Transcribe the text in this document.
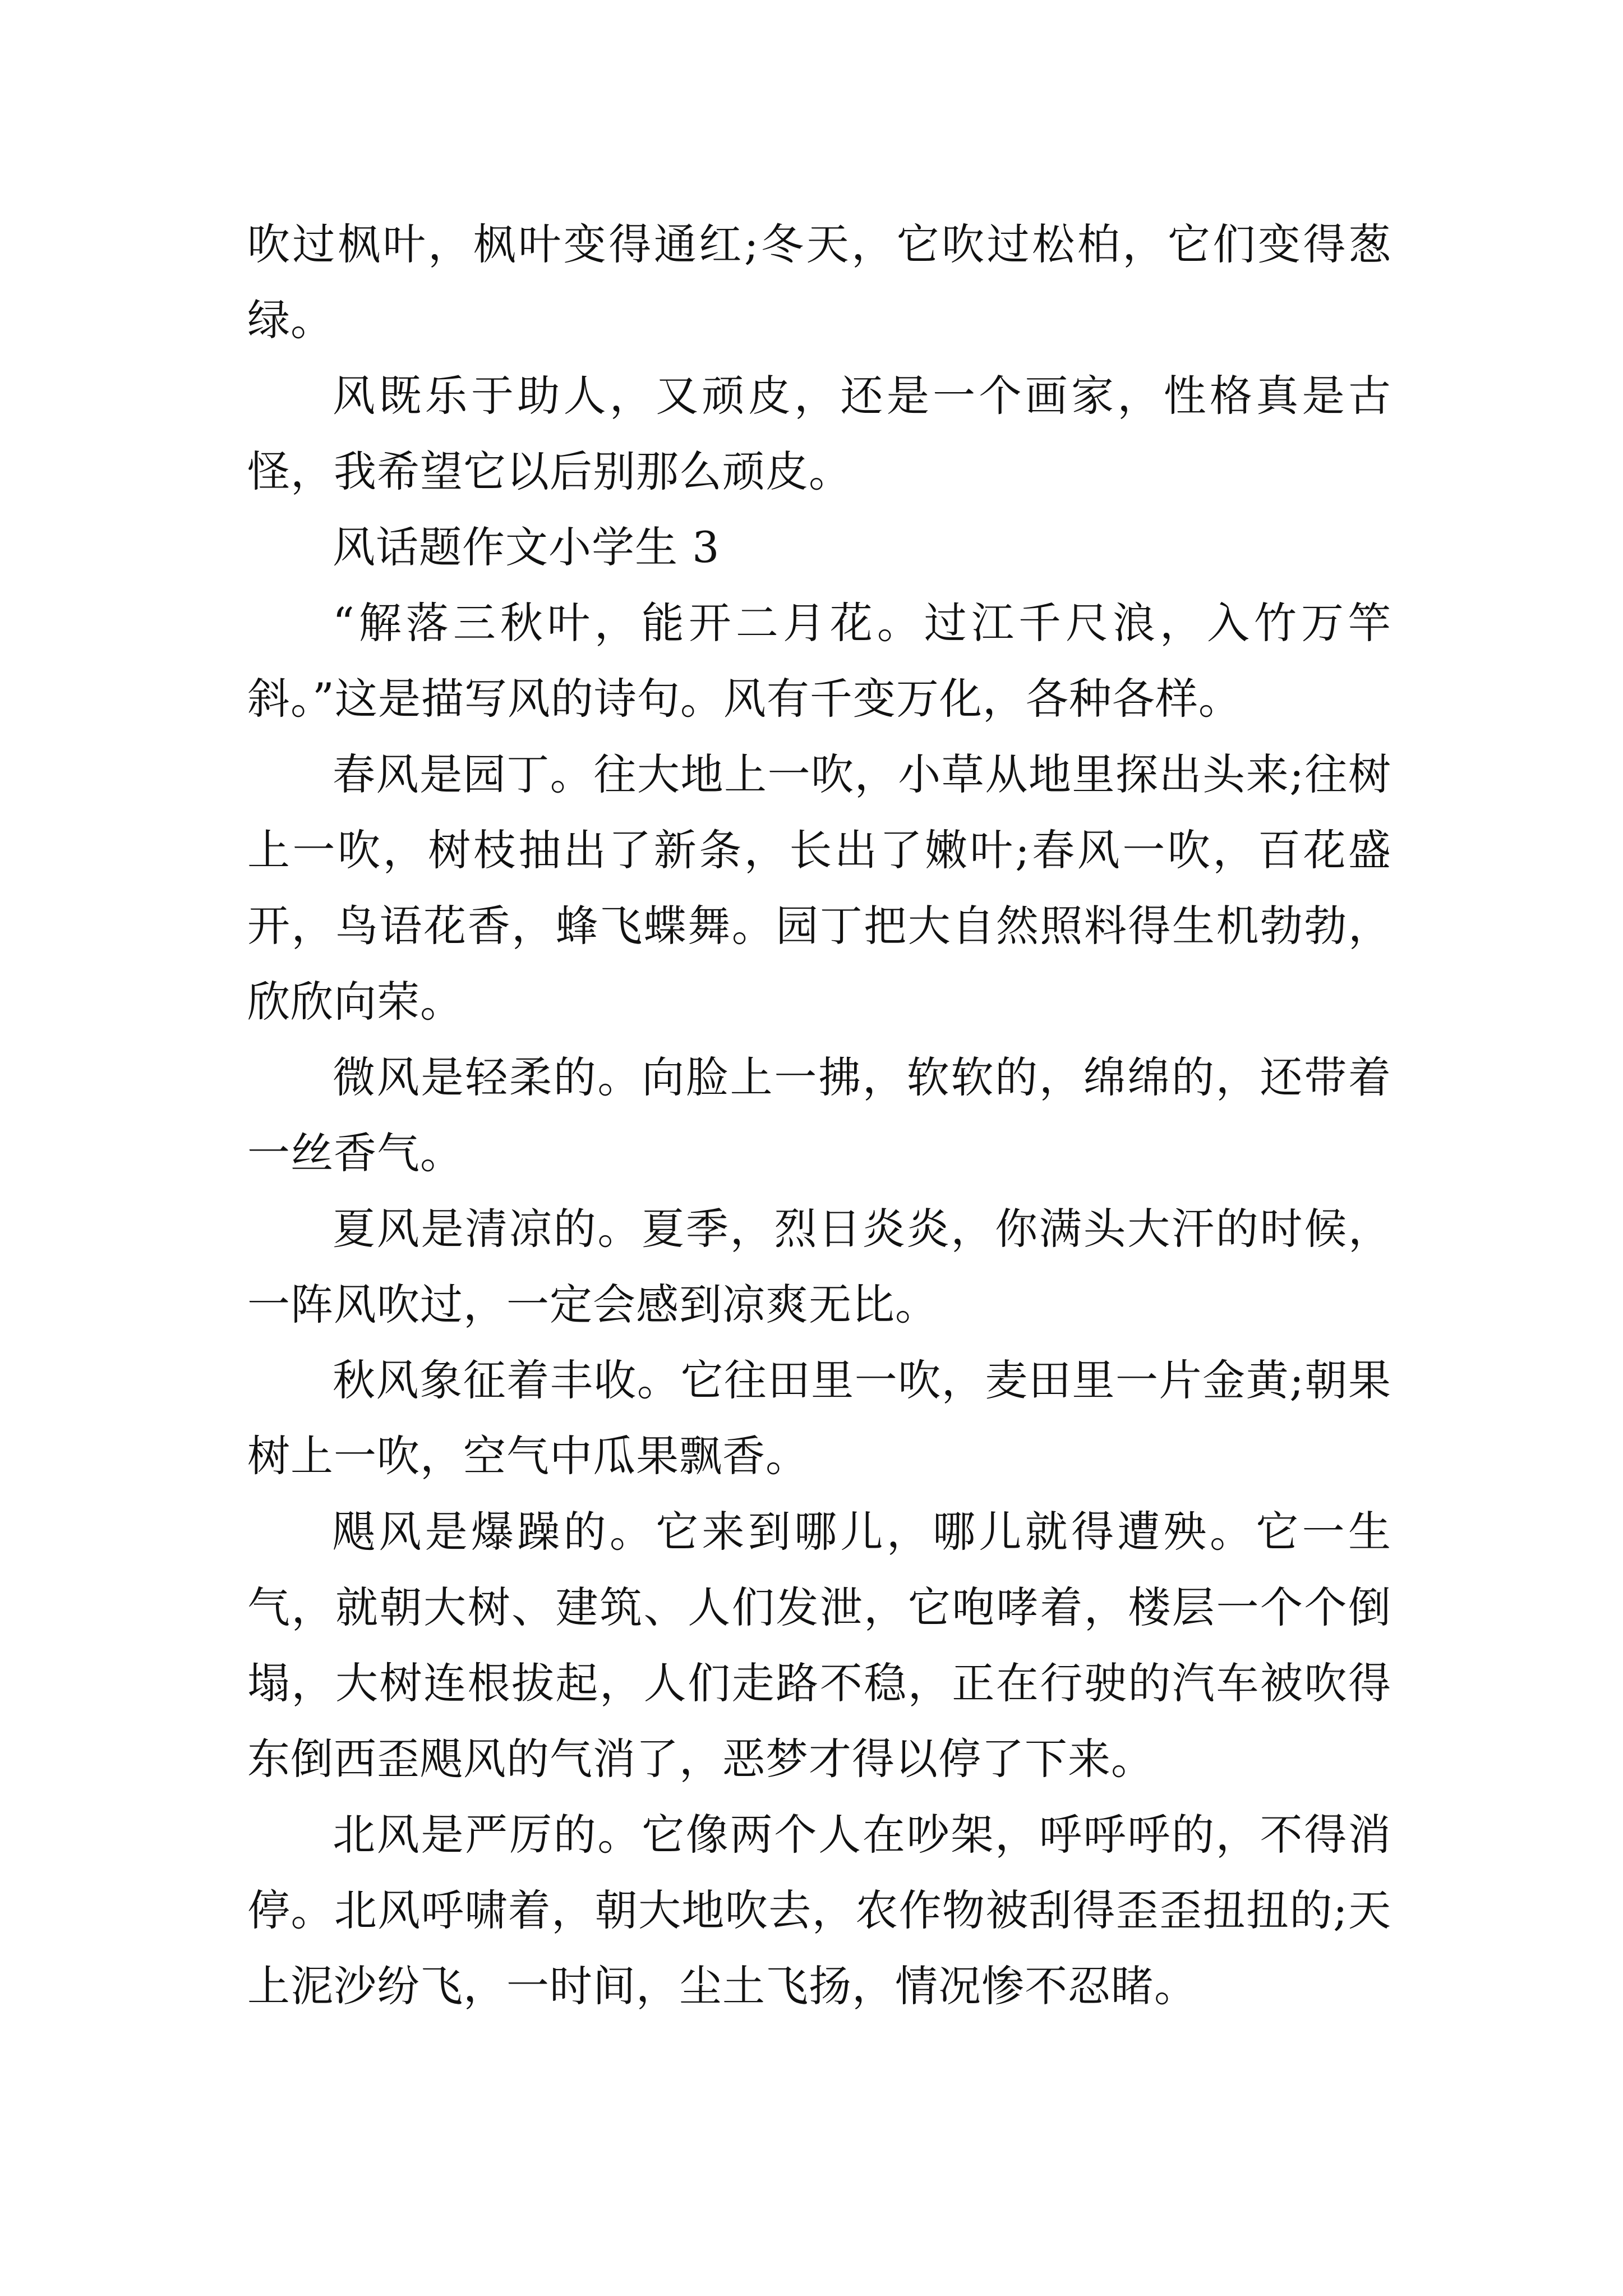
吹过枫叶，枫叶变得通红;冬天，它吹过松柏，它们变得葱绿。

风既乐于助人，又顽皮，还是一个画家，性格真是古怪，我希望它以后别那么顽皮。

风话题作文小学生 3

“解落三秋叶，能开二月花。过江千尺浪，入竹万竿斜。”这是描写风的诗句。风有千变万化，各种各样。

春风是园丁。往大地上一吹，小草从地里探出头来;往树上一吹，树枝抽出了新条，长出了嫩叶;春风一吹，百花盛开，鸟语花香，蜂飞蝶舞。园丁把大自然照料得生机勃勃，欣欣向荣。

微风是轻柔的。向脸上一拂，软软的，绵绵的，还带着一丝香气。

夏风是清凉的。夏季，烈日炎炎，你满头大汗的时候，一阵风吹过，一定会感到凉爽无比。

秋风象征着丰收。它往田里一吹，麦田里一片金黄;朝果树上一吹，空气中瓜果飘香。

飓风是爆躁的。它来到哪儿，哪儿就得遭殃。它一生气，就朝大树、建筑、人们发泄，它咆哮着，楼层一个个倒塌，大树连根拔起，人们走路不稳，正在行驶的汽车被吹得东倒西歪飓风的气消了，恶梦才得以停了下来。

北风是严厉的。它像两个人在吵架，呼呼呼的，不得消停。北风呼啸着，朝大地吹去，农作物被刮得歪歪扭扭的;天上泥沙纷飞，一时间，尘土飞扬，情况惨不忍睹。
